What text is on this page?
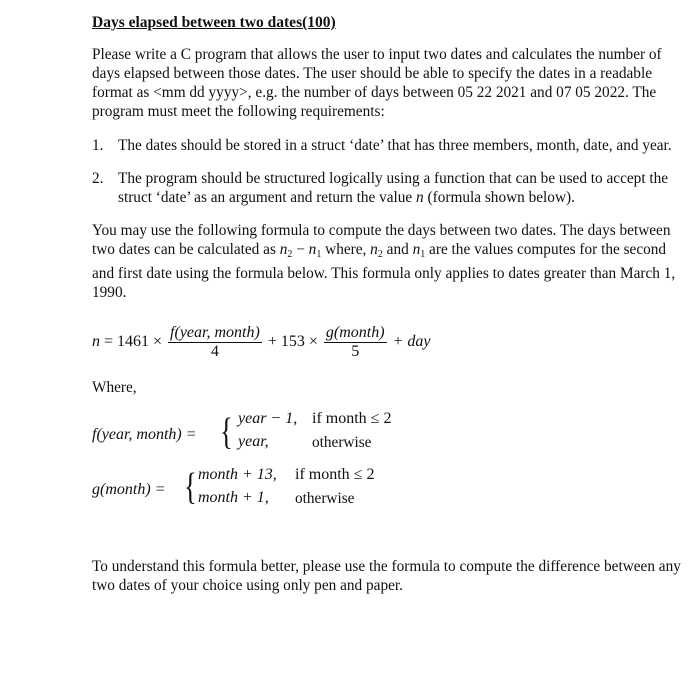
Days elapsed between two dates(100)
Please write a C program that allows the user to input two dates and calculates the number of days elapsed between those dates. The user should be able to specify the dates in a readable format as <mm dd yyyy>, e.g. the number of days between 05 22 2021 and 07 05 2022. The program must meet the following requirements:
1. The dates should be stored in a struct ‘date’ that has three members, month, date, and year.
2. The program should be structured logically using a function that can be used to accept the struct ‘date’ as an argument and return the value n (formula shown below).
You may use the following formula to compute the days between two dates. The days between two dates can be calculated as $n_2 - n_1$ where, $n_2$ and $n_1$ are the values computes for the second and first date using the formula below. This formula only applies to dates greater than March 1, 1990.
$n = 1461 \times \frac{\text{f(year, month)}}{4} + 153 \times \frac{\text{g(month)}}{5}$ + day
Where,
f(year, month) = { year − 1, if month ≤ 2
year,	otherwise
g(month) = { month + 13, if month ≤ 2
month + 1, otherwise
To understand this formula better, please use the formula to compute the difference between any two dates of your choice using only pen and paper.
